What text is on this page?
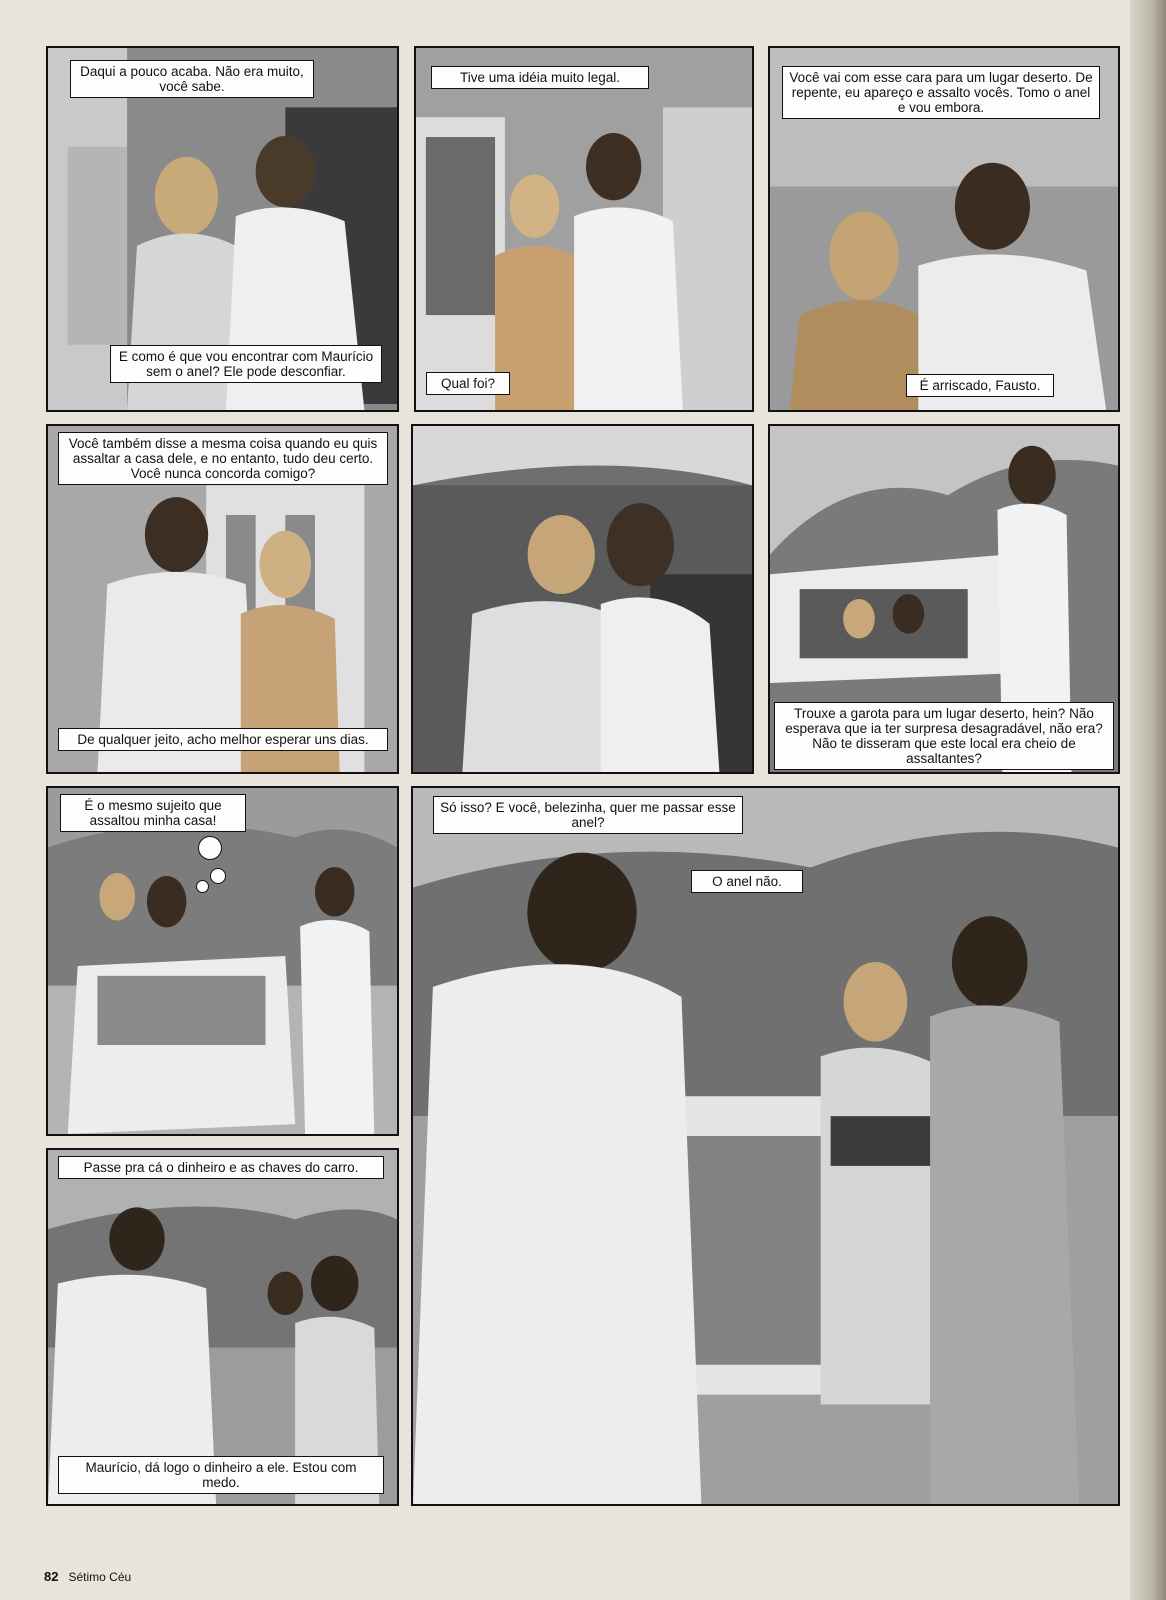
Daqui a pouco acaba. Não era muito, você sabe.
E como é que vou encontrar com Maurício sem o anel? Ele pode desconfiar.
Tive uma idéia muito legal.
Qual foi?
Você vai com esse cara para um lugar deserto. De repente, eu apareço e assalto vocês. Tomo o anel e vou embora.
É arriscado, Fausto.
Você também disse a mesma coisa quando eu quis assaltar a casa dele, e no entanto, tudo deu certo. Você nunca concorda comigo?
De qualquer jeito, acho melhor esperar uns dias.
Trouxe a garota para um lugar deserto, hein? Não esperava que ia ter surpresa desagradável, não era? Não te disseram que este local era cheio de assaltantes?
É o mesmo sujeito que assaltou minha casa!
Só isso? E você, belezinha, quer me passar esse anel?
O anel não.
Passe pra cá o dinheiro e as chaves do carro.
Maurício, dá logo o dinheiro a ele. Estou com medo.
82 Sétimo Céu
